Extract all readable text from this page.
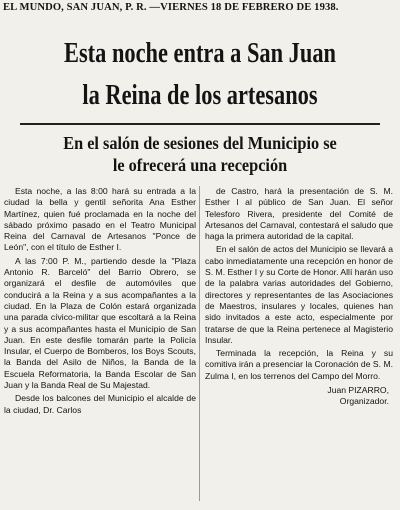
EL MUNDO, SAN JUAN, P. R. —VIERNES 18 DE FEBRERO DE 1938.
Esta noche entra a San Juan
la Reina de los artesanos
En el salón de sesiones del Municipio se
le ofrecerá una recepción

Esta noche, a las 8:00 hará su entrada a la ciudad la bella y gentil señorita Ana Esther Martínez, quien fué proclamada en la noche del sábado próximo pasado en el Teatro Municipal Reina del Carnaval de Artesanos "Ponce de León", con el título de Esther I.

A las 7:00 P. M., partiendo desde la "Plaza Antonio R. Barceló" del Barrio Obrero, se organizará el desfile de automóviles que conducirá a la Reina y a sus acompañantes a la ciudad. En la Plaza de Colón estará organizada una parada cívico-militar que escoltará a la Reina y a sus acompañantes hasta el Municipio de San Juan. En este desfile tomarán parte la Policía Insular, el Cuerpo de Bomberos, los Boys Scouts, la Banda del Asilo de Niños, la Banda de la Escuela Reformatoria, la Banda Escolar de San Juan y la Banda Real de Su Majestad.

Desde los balcones del Municipio el alcalde de la ciudad, Dr. Carlos

de Castro, hará la presentación de S. M. Esther I al público de San Juan. El señor Telesforo Rivera, presidente del Comité de Artesanos del Carnaval, contestará el saludo que haga la primera autoridad de la capital.

En el salón de actos del Municipio se llevará a cabo inmediatamente una recepción en honor de S. M. Esther I y su Corte de Honor. Allí harán uso de la palabra varias autoridades del Gobierno, directores y representantes de las Asociaciones de Maestros, insulares y locales, quienes han sido invitados a este acto, especialmente por tratarse de que la Reina pertenece al Magisterio Insular.

Terminada la recepción, la Reina y su comitiva irán a presenciar la Coronación de S. M. Zulma I, en los terrenos del Campo del Morro.

Juan PIZARRO,

Organizador.
